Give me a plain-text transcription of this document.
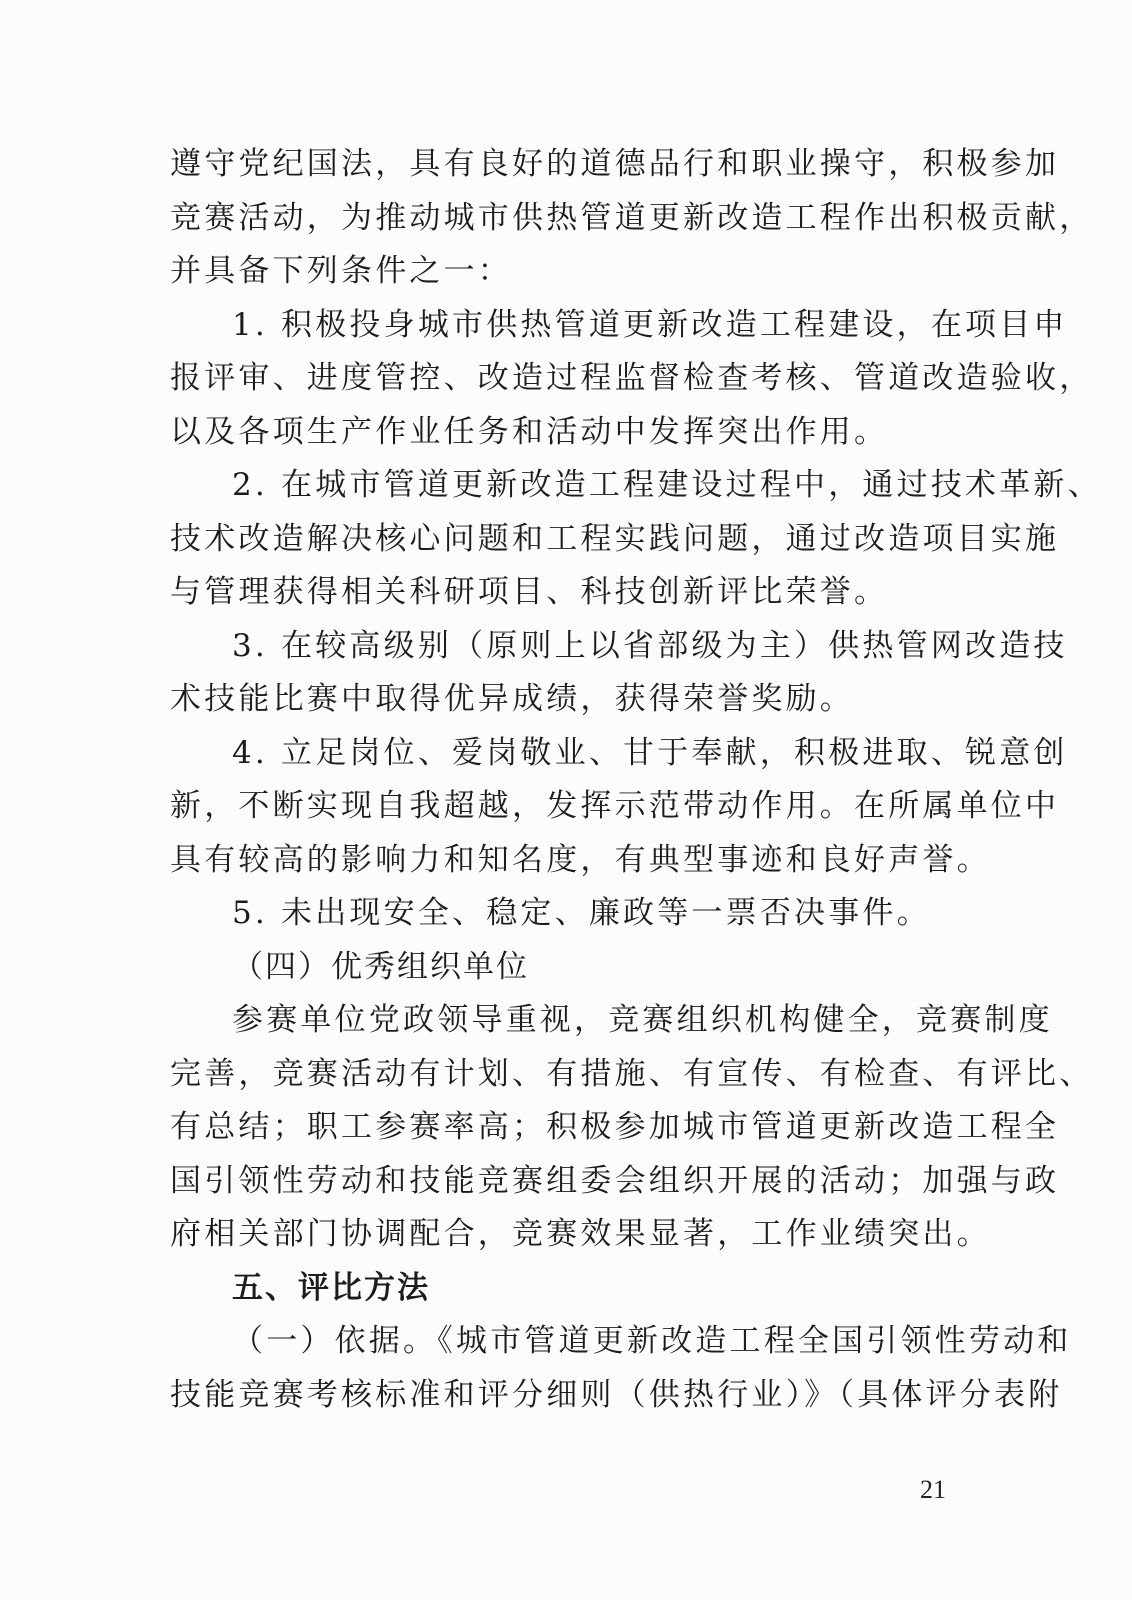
遵守党纪国法，具有良好的道德品行和职业操守，积极参加
竞赛活动，为推动城市供热管道更新改造工程作出积极贡献，
并具备下列条件之一：
1. 积极投身城市供热管道更新改造工程建设，在项目申
报评审、进度管控、改造过程监督检查考核、管道改造验收，
以及各项生产作业任务和活动中发挥突出作用。
2. 在城市管道更新改造工程建设过程中，通过技术革新、
技术改造解决核心问题和工程实践问题，通过改造项目实施
与管理获得相关科研项目、科技创新评比荣誉。
3. 在较高级别（原则上以省部级为主）供热管网改造技
术技能比赛中取得优异成绩，获得荣誉奖励。
4. 立足岗位、爱岗敬业、甘于奉献，积极进取、锐意创
新，不断实现自我超越，发挥示范带动作用。在所属单位中
具有较高的影响力和知名度，有典型事迹和良好声誉。
5. 未出现安全、稳定、廉政等一票否决事件。
（四）优秀组织单位
参赛单位党政领导重视，竞赛组织机构健全，竞赛制度
完善，竞赛活动有计划、有措施、有宣传、有检查、有评比、
有总结；职工参赛率高；积极参加城市管道更新改造工程全
国引领性劳动和技能竞赛组委会组织开展的活动；加强与政
府相关部门协调配合，竞赛效果显著，工作业绩突出。
五、评比方法
（一）依据。《城市管道更新改造工程全国引领性劳动和
技能竞赛考核标准和评分细则（供热行业）》（具体评分表附
21
